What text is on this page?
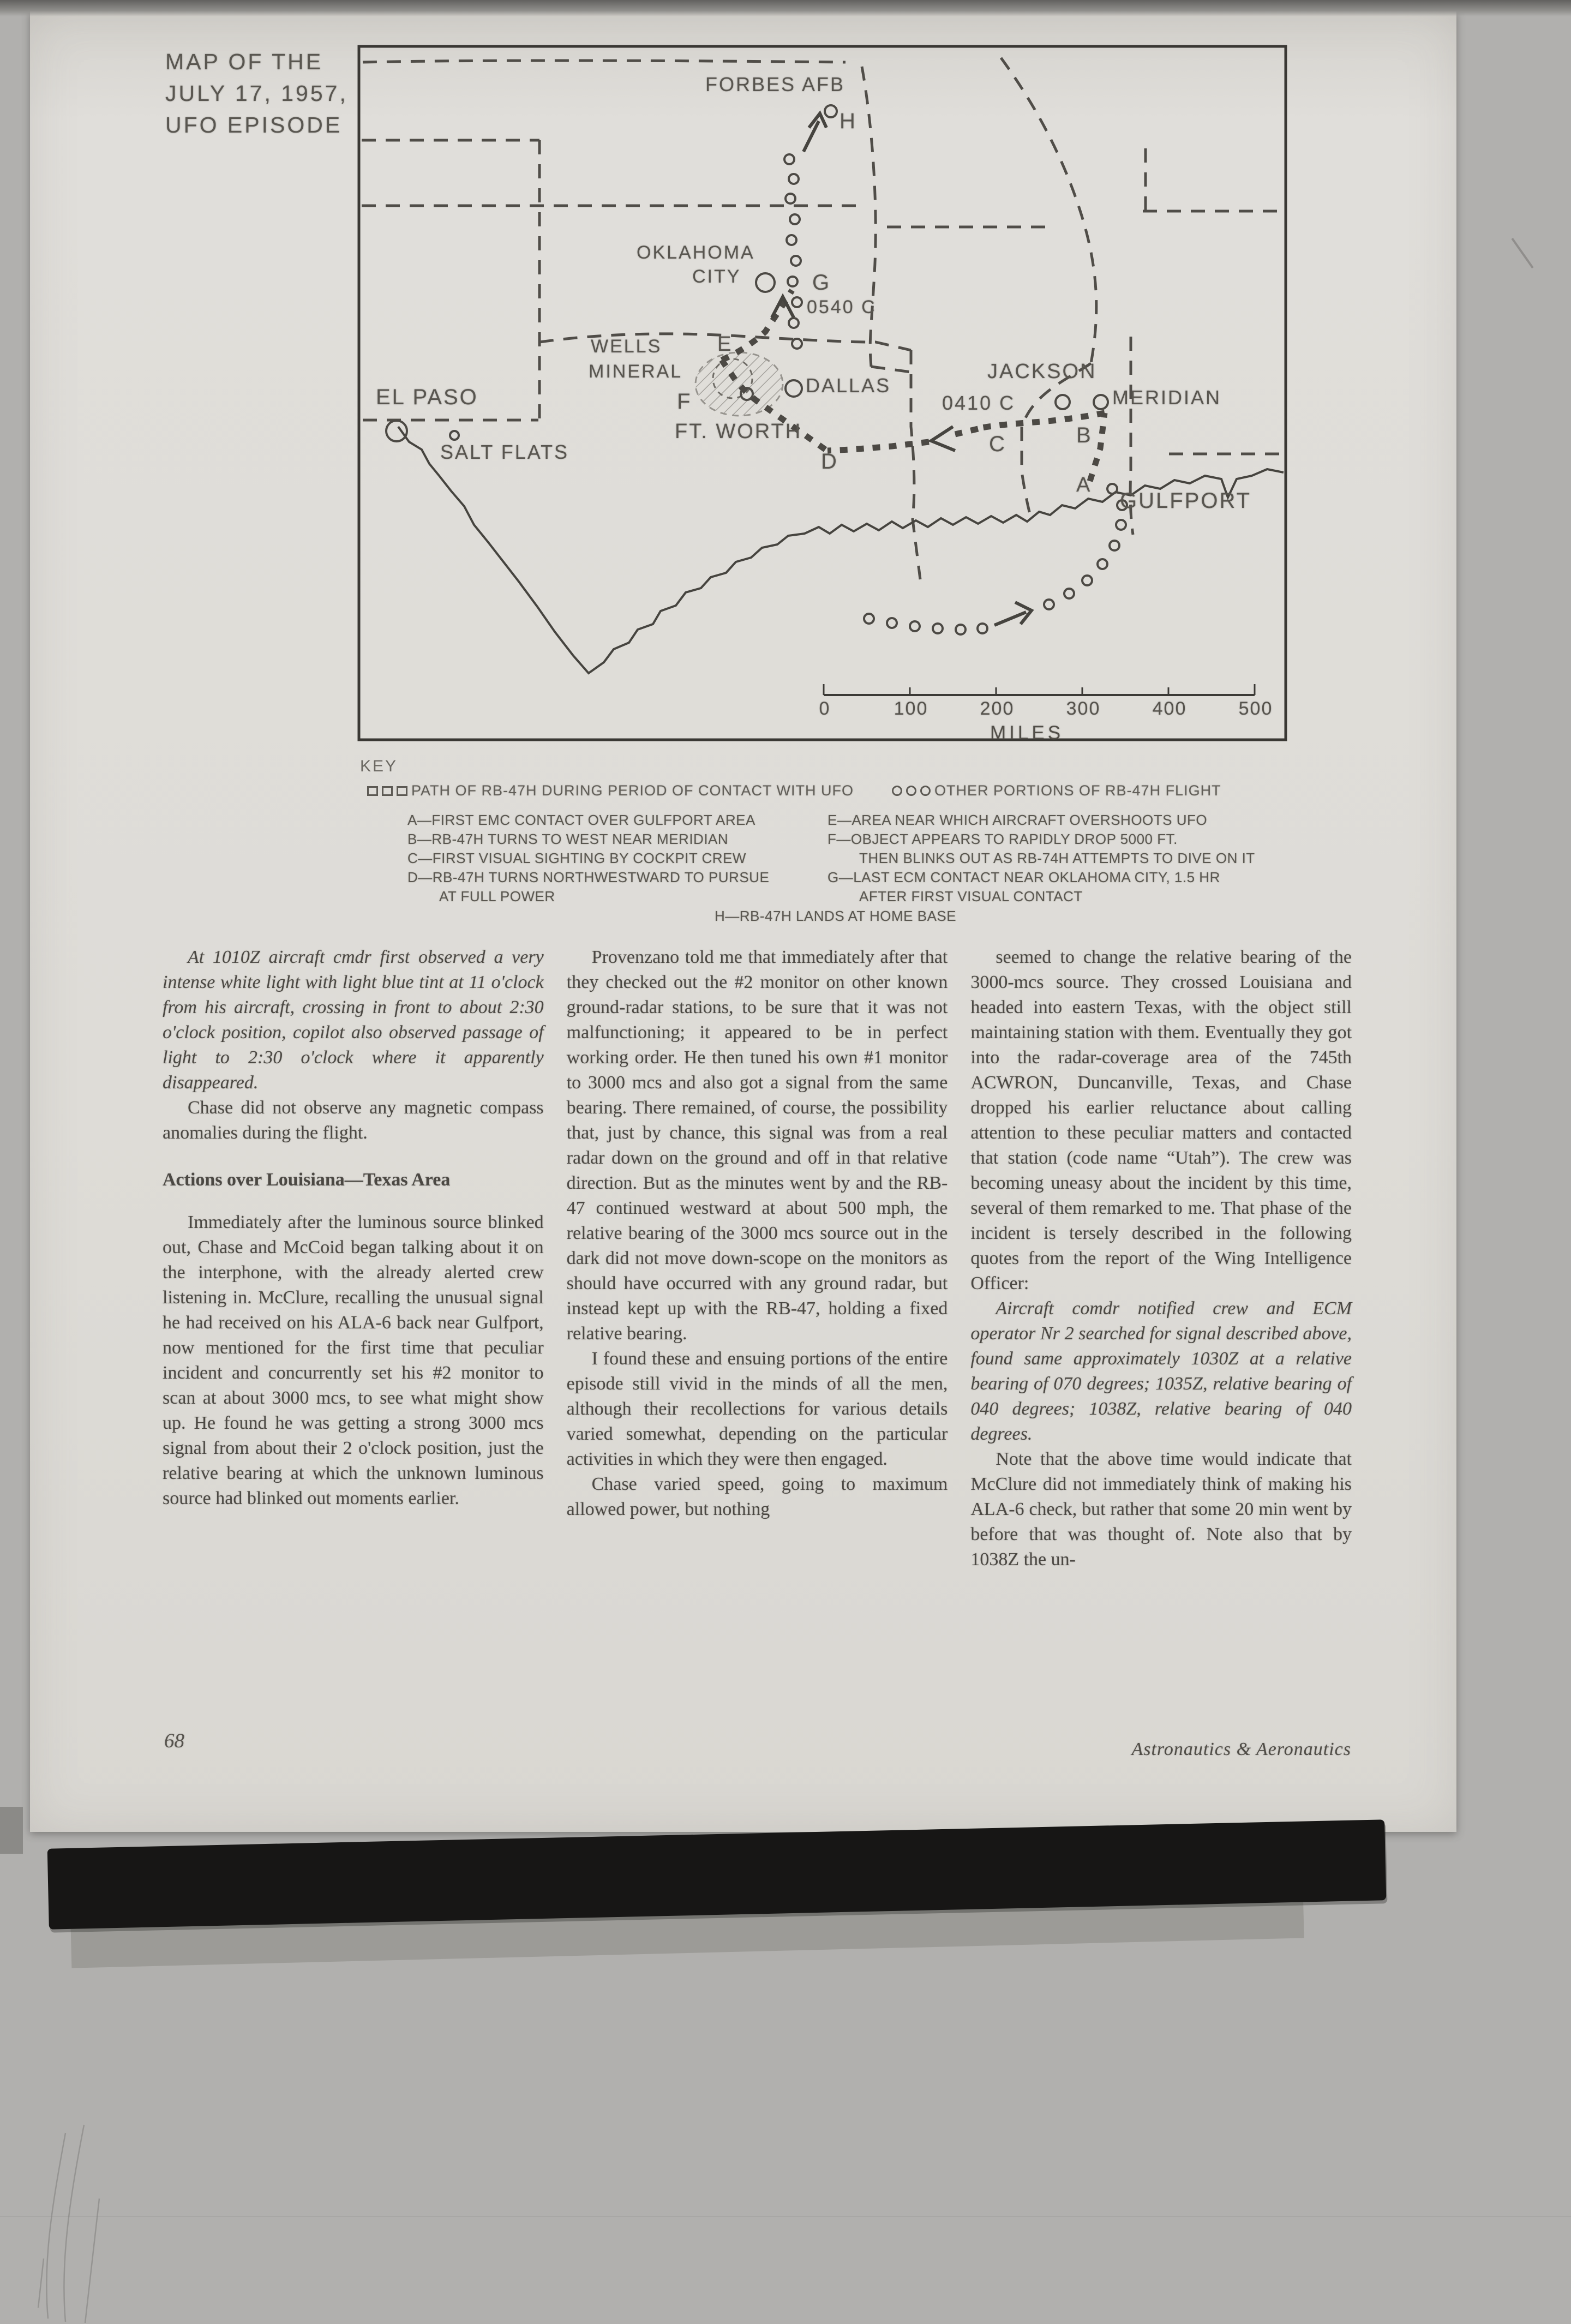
MAP OF THE
JULY 17, 1957,
UFO EPISODE
FORBES AFB
H
OKLAHOMA
CITY	G
0540 C
WELLS
MINERAL
E
F
DALLAS
FT. WORTH
D
0410 C
C	B
JACKSON
MERIDIAN
GULFPORT
A
EL PASO
SALT FLATS
0	100	200	300	400	500
MILES
KEY
PATH OF RB-47H DURING PERIOD OF CONTACT WITH UFO	OTHER PORTIONS OF RB-47H FLIGHT
A—FIRST EMC CONTACT OVER GULFPORT AREA
B—RB-47H TURNS TO WEST NEAR MERIDIAN
C—FIRST VISUAL SIGHTING BY COCKPIT CREW
D—RB-47H TURNS NORTHWESTWARD TO PURSUE
AT FULL POWER
E—AREA NEAR WHICH AIRCRAFT OVERSHOOTS UFO
F—OBJECT APPEARS TO RAPIDLY DROP 5000 FT.
THEN BLINKS OUT AS RB-74H ATTEMPTS TO DIVE ON IT
G—LAST ECM CONTACT NEAR OKLAHOMA CITY, 1.5 HR
AFTER FIRST VISUAL CONTACT
H—RB-47H LANDS AT HOME BASE

At 1010Z aircraft cmdr first observed a very intense white light with light blue tint at 11 o'clock from his aircraft, crossing in front to about 2:30 o'clock position, copilot also observed passage of light to 2:30 o'clock where it apparently disappeared.

Chase did not observe any magnetic compass anomalies during the flight.

Actions over Louisiana—Texas Area

Immediately after the luminous source blinked out, Chase and McCoid began talking about it on the interphone, with the already alerted crew listening in. McClure, recalling the unusual signal he had received on his ALA-6 back near Gulfport, now mentioned for the first time that peculiar incident and concurrently set his #2 monitor to scan at about 3000 mcs, to see what might show up. He found he was getting a strong 3000 mcs signal from about their 2 o'clock position, just the relative bearing at which the unknown luminous source had blinked out moments earlier.

Provenzano told me that immediately after that they checked out the #2 monitor on other known ground-radar stations, to be sure that it was not malfunctioning; it appeared to be in perfect working order. He then tuned his own #1 monitor to 3000 mcs and also got a signal from the same bearing. There remained, of course, the possibility that, just by chance, this signal was from a real radar down on the ground and off in that relative direction. But as the minutes went by and the RB-47 continued westward at about 500 mph, the relative bearing of the 3000 mcs source out in the dark did not move down-scope on the monitors as should have occurred with any ground radar, but instead kept up with the RB-47, holding a fixed relative bearing.

I found these and ensuing portions of the entire episode still vivid in the minds of all the men, although their recollections for various details varied somewhat, depending on the particular activities in which they were then engaged.

Chase varied speed, going to maximum allowed power, but nothing

seemed to change the relative bearing of the 3000-mcs source. They crossed Louisiana and headed into eastern Texas, with the object still maintaining station with them. Eventually they got into the radar-coverage area of the 745th ACWRON, Duncanville, Texas, and Chase dropped his earlier reluctance about calling attention to these peculiar matters and contacted that station (code name “Utah”). The crew was becoming uneasy about the incident by this time, several of them remarked to me. That phase of the incident is tersely described in the following quotes from the report of the Wing Intelligence Officer:

Aircraft comdr notified crew and ECM operator Nr 2 searched for signal described above, found same approximately 1030Z at a relative bearing of 070 degrees; 1035Z, relative bearing of 040 degrees; 1038Z, relative bearing of 040 degrees.

Note that the above time would indicate that McClure did not immediately think of making his ALA-6 check, but rather that some 20 min went by before that was thought of. Note also that by 1038Z the un-

68	Astronautics & Aeronautics
